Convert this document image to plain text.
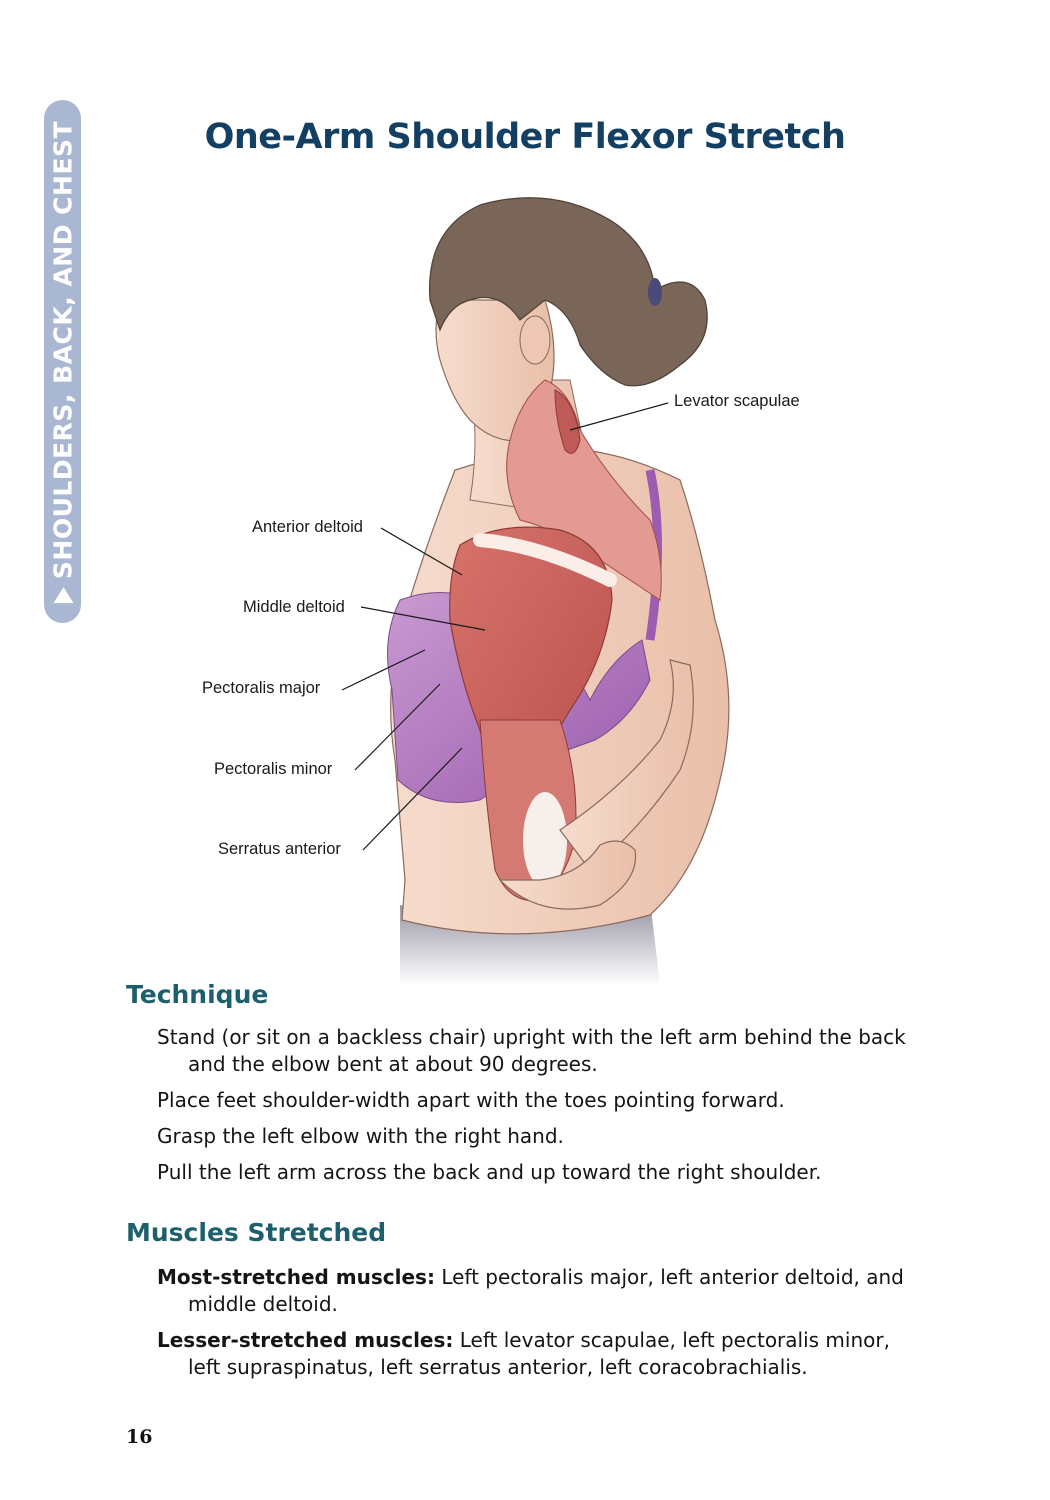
SHOULDERS, BACK, AND CHEST	One-Arm Shoulder Flexor Stretch
Levator scapulae
Anterior deltoid
Middle deltoid
Pectoralis major
Pectoralis minor
Serratus anterior
Technique

Stand (or sit on a backless chair) upright with the left arm behind the back and the elbow bent at about 90 degrees.

Place feet shoulder-width apart with the toes pointing forward.

Grasp the left elbow with the right hand.

Pull the left arm across the back and up toward the right shoulder.

Muscles Stretched

Most-stretched muscles: Left pectoralis major, left anterior deltoid, and middle deltoid.

Lesser-stretched muscles: Left levator scapulae, left pectoralis minor, left supraspinatus, left serratus anterior, left coracobrachialis.

16
